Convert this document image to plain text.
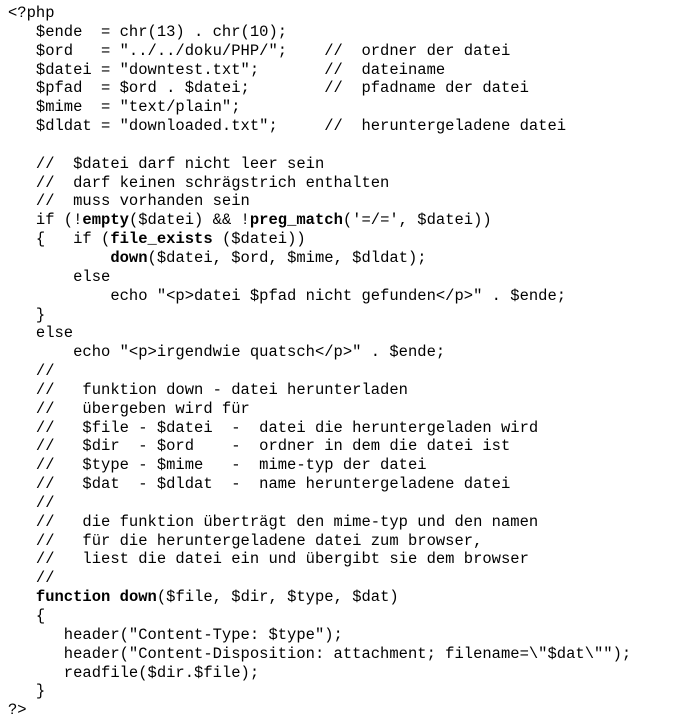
<?php
$ende  = chr(13) . chr(10);
$ord   = "../../doku/PHP/";    //  ordner der datei
$datei = "downtest.txt";       //  dateiname
$pfad  = $ord . $datei;        //  pfadname der datei
$mime  = "text/plain";
$dldat = "downloaded.txt";     //  heruntergeladene datei
//  $datei darf nicht leer sein
//  darf keinen schrägstrich enthalten
//  muss vorhanden sein
if (!empty($datei) && !preg_match('=/=', $datei))
{   if (file_exists ($datei))
down($datei, $ord, $mime, $dldat);
else
echo "<p>datei $pfad nicht gefunden</p>" . $ende;
}
else
echo "<p>irgendwie quatsch</p>" . $ende;
//
//   funktion down - datei herunterladen
//   übergeben wird für
//   $file - $datei  -  datei die heruntergeladen wird
//   $dir  - $ord    -  ordner in dem die datei ist
//   $type - $mime   -  mime-typ der datei
//   $dat  - $dldat  -  name heruntergeladene datei
//
//   die funktion überträgt den mime-typ und den namen
//   für die heruntergeladene datei zum browser,
//   liest die datei ein und übergibt sie dem browser
//
function down($file, $dir, $type, $dat)
{
header("Content-Type: $type");
header("Content-Disposition: attachment; filename=\"$dat\"");
readfile($dir.$file);
}
?>
